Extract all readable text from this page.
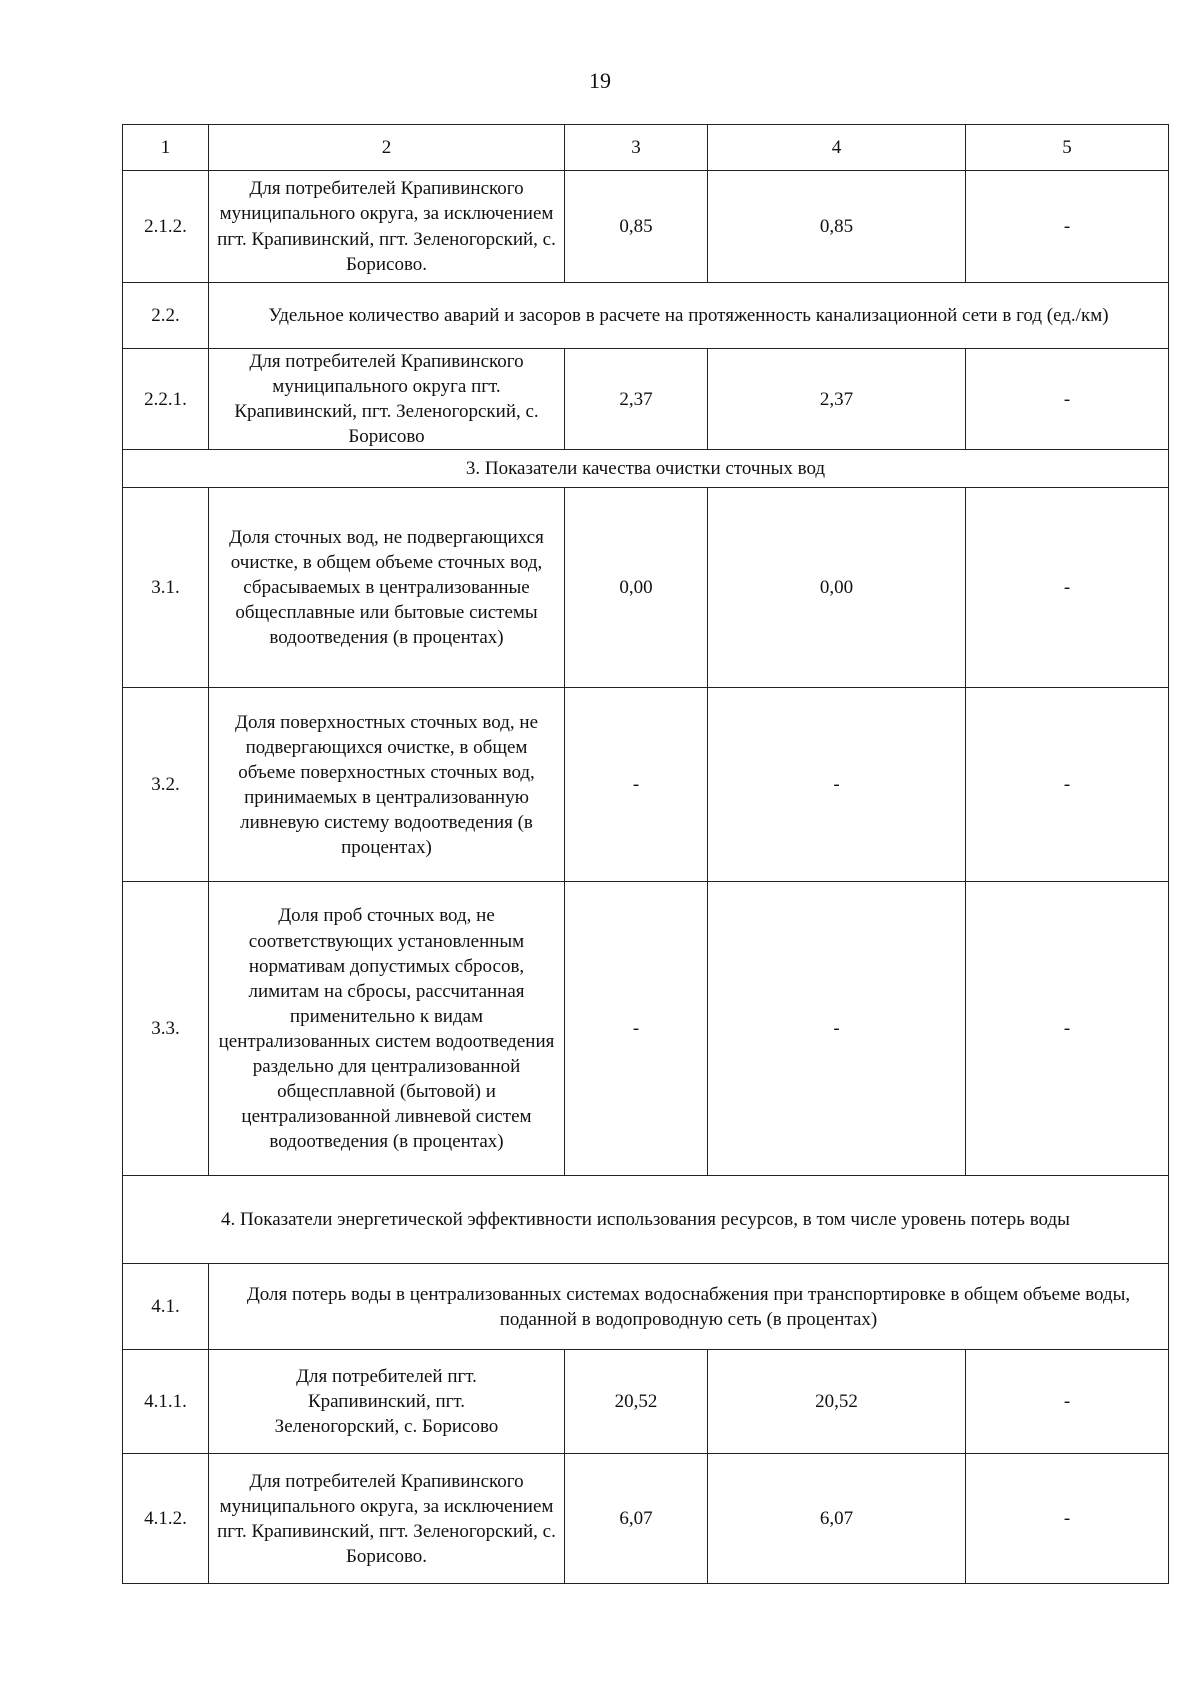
19
1	2	3	4	5
2.1.2.	Для потребителей Крапивинского муниципального округа, за исключением пгт. Крапивинский, пгт. Зеленогорский, с. Борисово.	0,85	0,85	-
2.2.	Удельное количество аварий и засоров в расчете на протяженность канализационной сети в год (ед./км)			
2.2.1.	Для потребителей Крапивинского муниципального округа пгт. Крапивинский, пгт. Зеленогорский, с. Борисово	2,37	2,37	-
3. Показатели качества очистки сточных вод				
3.1.	Доля сточных вод, не подвергающихся очистке, в общем объеме сточных вод, сбрасываемых в централизованные общесплавные или бытовые системы водоотведения (в процентах)	0,00	0,00	-
3.2.	Доля поверхностных сточных вод, не подвергающихся очистке, в общем объеме поверхностных сточных вод, принимаемых в централизованную ливневую систему водоотведения (в процентах)	-	-	-
3.3.	Доля проб сточных вод, не соответствующих установленным нормативам допустимых сбросов, лимитам на сбросы, рассчитанная применительно к видам централизованных систем водоотведения раздельно для централизованной общесплавной (бытовой) и централизованной ливневой систем водоотведения (в процентах)	-	-	-
4. Показатели энергетической эффективности использования ресурсов, в том числе уровень потерь воды				
4.1.	Доля потерь воды в централизованных системах водоснабжения при транспортировке в общем объеме воды, поданной в водопроводную сеть (в процентах)			
4.1.1.	Для потребителей пгт. Крапивинский, пгт. Зеленогорский, с. Борисово	20,52	20,52	-
4.1.2.	Для потребителей Крапивинского муниципального округа, за исключением пгт. Крапивинский, пгт. Зеленогорский, с. Борисово.	6,07	6,07	-
